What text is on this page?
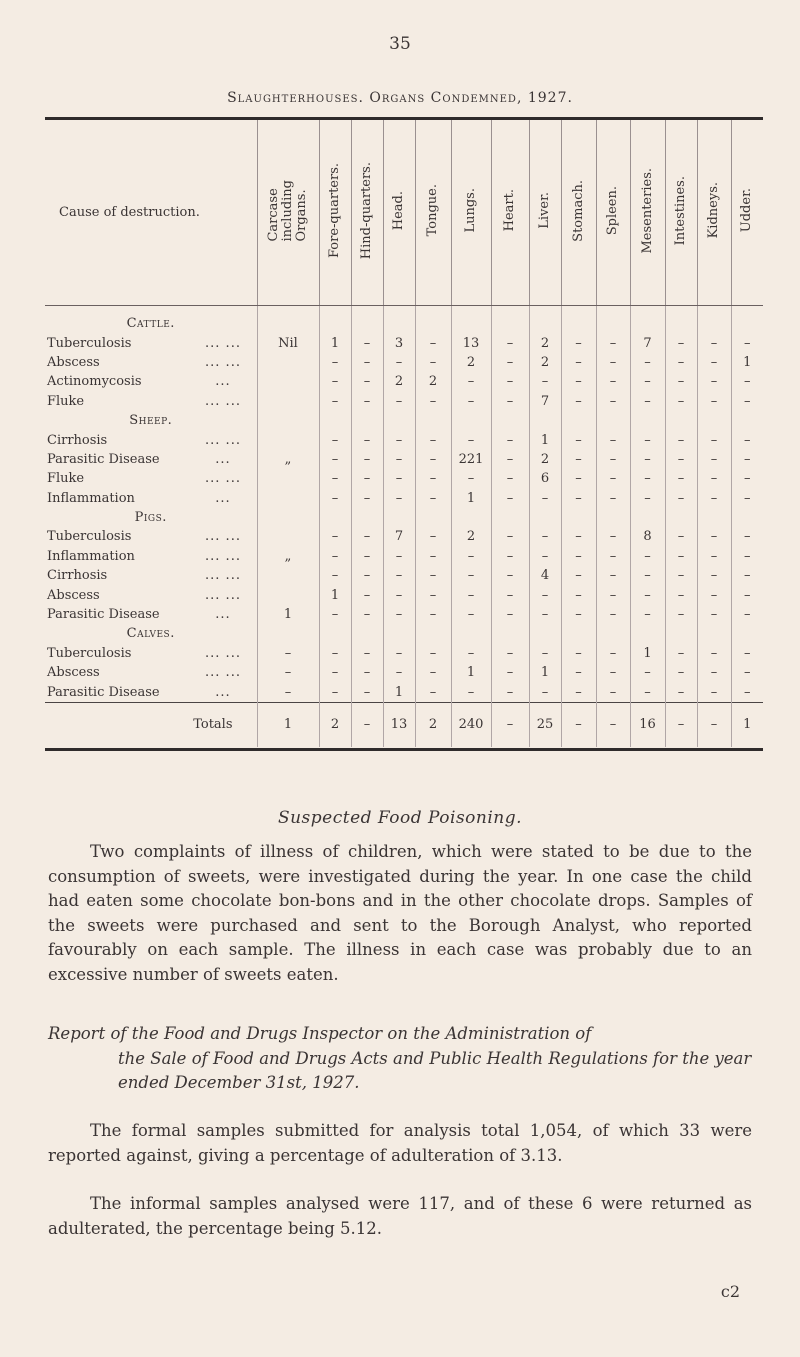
35
Slaughterhouses. Organs Condemned, 1927.
Cause of destruction.	Carcase
including
Organs.	Fore-quarters.	Hind-quarters.	Head.	Tongue.	Lungs.	Heart.	Liver.	Stomach.	Spleen.	Mesenteries.	Intestines.	Kidneys.	Udder.

Cattle.														
Tuberculosis ... ...	Nil	1	–	3	–	13	–	2	–	–	7	–	–	–
Abscess ... ...		–	–	–	–	2	–	2	–	–	–	–	–	1
Actinomycosis ...		–	–	2	2	–	–	–	–	–	–	–	–	–
Fluke ... ...		–	–	–	–	–	–	7	–	–	–	–	–	–
Sheep.														
Cirrhosis ... ...		–	–	–	–	–	–	1	–	–	–	–	–	–
Parasitic Disease ...	„	–	–	–	–	221	–	2	–	–	–	–	–	–
Fluke ... ...		–	–	–	–	–	–	6	–	–	–	–	–	–
Inflammation ...		–	–	–	–	1	–	–	–	–	–	–	–	–
Pigs.														
Tuberculosis ... ...		–	–	7	–	2	–	–	–	–	8	–	–	–
Inflammation ... ...	„	–	–	–	–	–	–	–	–	–	–	–	–	–
Cirrhosis ... ...		–	–	–	–	–	–	4	–	–	–	–	–	–
Abscess ... ...		1	–	–	–	–	–	–	–	–	–	–	–	–
Parasitic Disease ...	1	–	–	–	–	–	–	–	–	–	–	–	–	–
Calves.														
Tuberculosis ... ...	–	–	–	–	–	–	–	–	–	–	1	–	–	–
Abscess ... ...	–	–	–	–	–	1	–	1	–	–	–	–	–	–
Parasitic Disease ...	–	–	–	1	–	–	–	–	–	–	–	–	–	–
Totals	1	2	–	13	2	240	–	25	–	–	16	–	–	1
Suspected Food Poisoning.
Two complaints of illness of children, which were stated to be due to the consumption of sweets, were investigated during the year. In one case the child had eaten some chocolate bon-bons and in the other chocolate drops. Samples of the sweets were purchased and sent to the Borough Analyst, who reported favourably on each sample. The illness in each case was probably due to an excessive number of sweets eaten.
Report of the Food and Drugs Inspector on the Administration of
the Sale of Food and Drugs Acts and Public Health Regulations for the year ended December 31st, 1927.
The formal samples submitted for analysis total 1,054, of which 33 were reported against, giving a percentage of adulteration of 3.13.
The informal samples analysed were 117, and of these 6 were returned as adulterated, the percentage being 5.12.
c2
